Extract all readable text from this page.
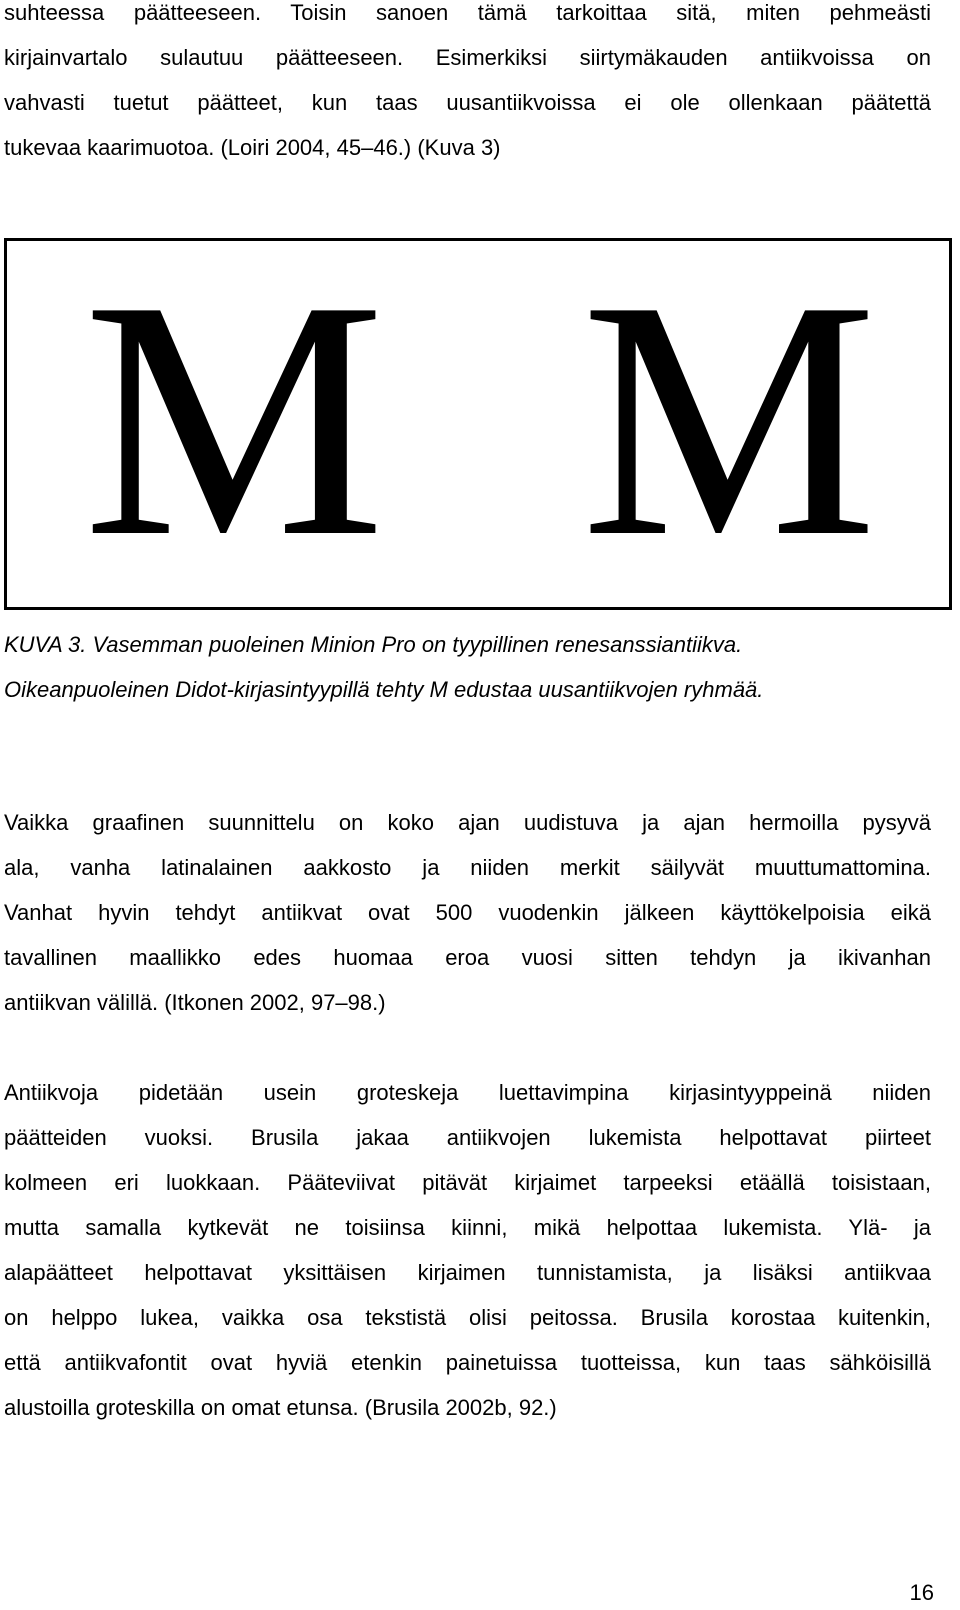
suhteessa päätteeseen. Toisin sanoen tämä tarkoittaa sitä, miten pehmeästi
kirjainvartalo sulautuu päätteeseen. Esimerkiksi siirtymäkauden antiikvoissa on
vahvasti tuetut päätteet, kun taas uusantiikvoissa ei ole ollenkaan päätettä
tukevaa kaarimuotoa. (Loiri 2004, 45–46.) (Kuva 3)
M M
KUVA 3. Vasemman puoleinen Minion Pro on tyypillinen renesanssiantiikva.
Oikeanpuoleinen Didot-kirjasintyypillä tehty M edustaa uusantiikvojen ryhmää.
Vaikka graafinen suunnittelu on koko ajan uudistuva ja ajan hermoilla pysyvä
ala, vanha latinalainen aakkosto ja niiden merkit säilyvät muuttumattomina.
Vanhat hyvin tehdyt antiikvat ovat 500 vuodenkin jälkeen käyttökelpoisia eikä
tavallinen maallikko edes huomaa eroa vuosi sitten tehdyn ja ikivanhan
antiikvan välillä. (Itkonen 2002, 97–98.)
Antiikvoja pidetään usein groteskeja luettavimpina kirjasintyyppeinä niiden
päätteiden vuoksi. Brusila jakaa antiikvojen lukemista helpottavat piirteet
kolmeen eri luokkaan. Pääteviivat pitävät kirjaimet tarpeeksi etäällä toisistaan,
mutta samalla kytkevät ne toisiinsa kiinni, mikä helpottaa lukemista. Ylä- ja
alapäätteet helpottavat yksittäisen kirjaimen tunnistamista, ja lisäksi antiikvaa
on helppo lukea, vaikka osa tekstistä olisi peitossa. Brusila korostaa kuitenkin,
että antiikvafontit ovat hyviä etenkin painetuissa tuotteissa, kun taas sähköisillä
alustoilla groteskilla on omat etunsa. (Brusila 2002b, 92.)
16
